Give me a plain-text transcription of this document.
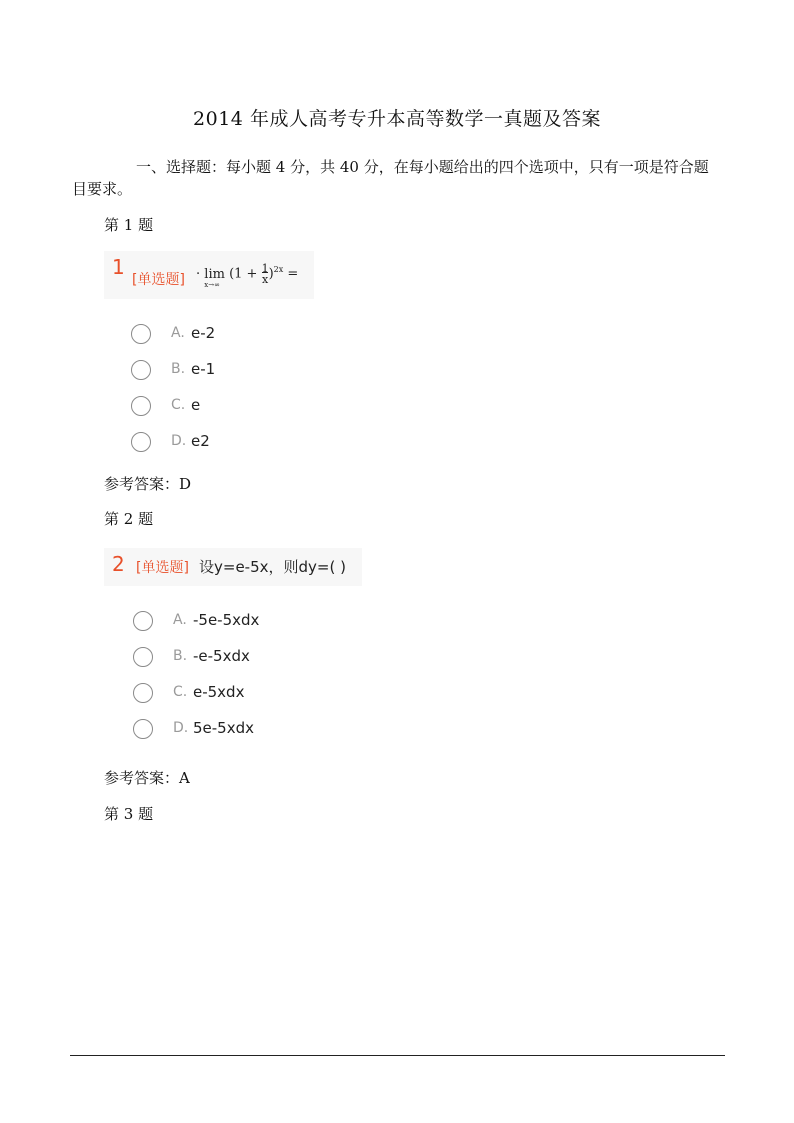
2014 年成人高考专升本高等数学一真题及答案
一、选择题：每小题 4 分，共 40 分，在每小题给出的四个选项中，只有一项是符合题目要求。
第 1 题
1
[单选题] · lim
x→∞
$(1 + \frac{1}{x})^{2x}$ =
A. e-2
B. e-1
C. e
D. e2
参考答案：D
第 2 题
2 [单选题] 设y=e-5x，则dy=( )
A. -5e-5xdx
B. -e-5xdx
C. e-5xdx
D. 5e-5xdx
参考答案：A
第 3 题
